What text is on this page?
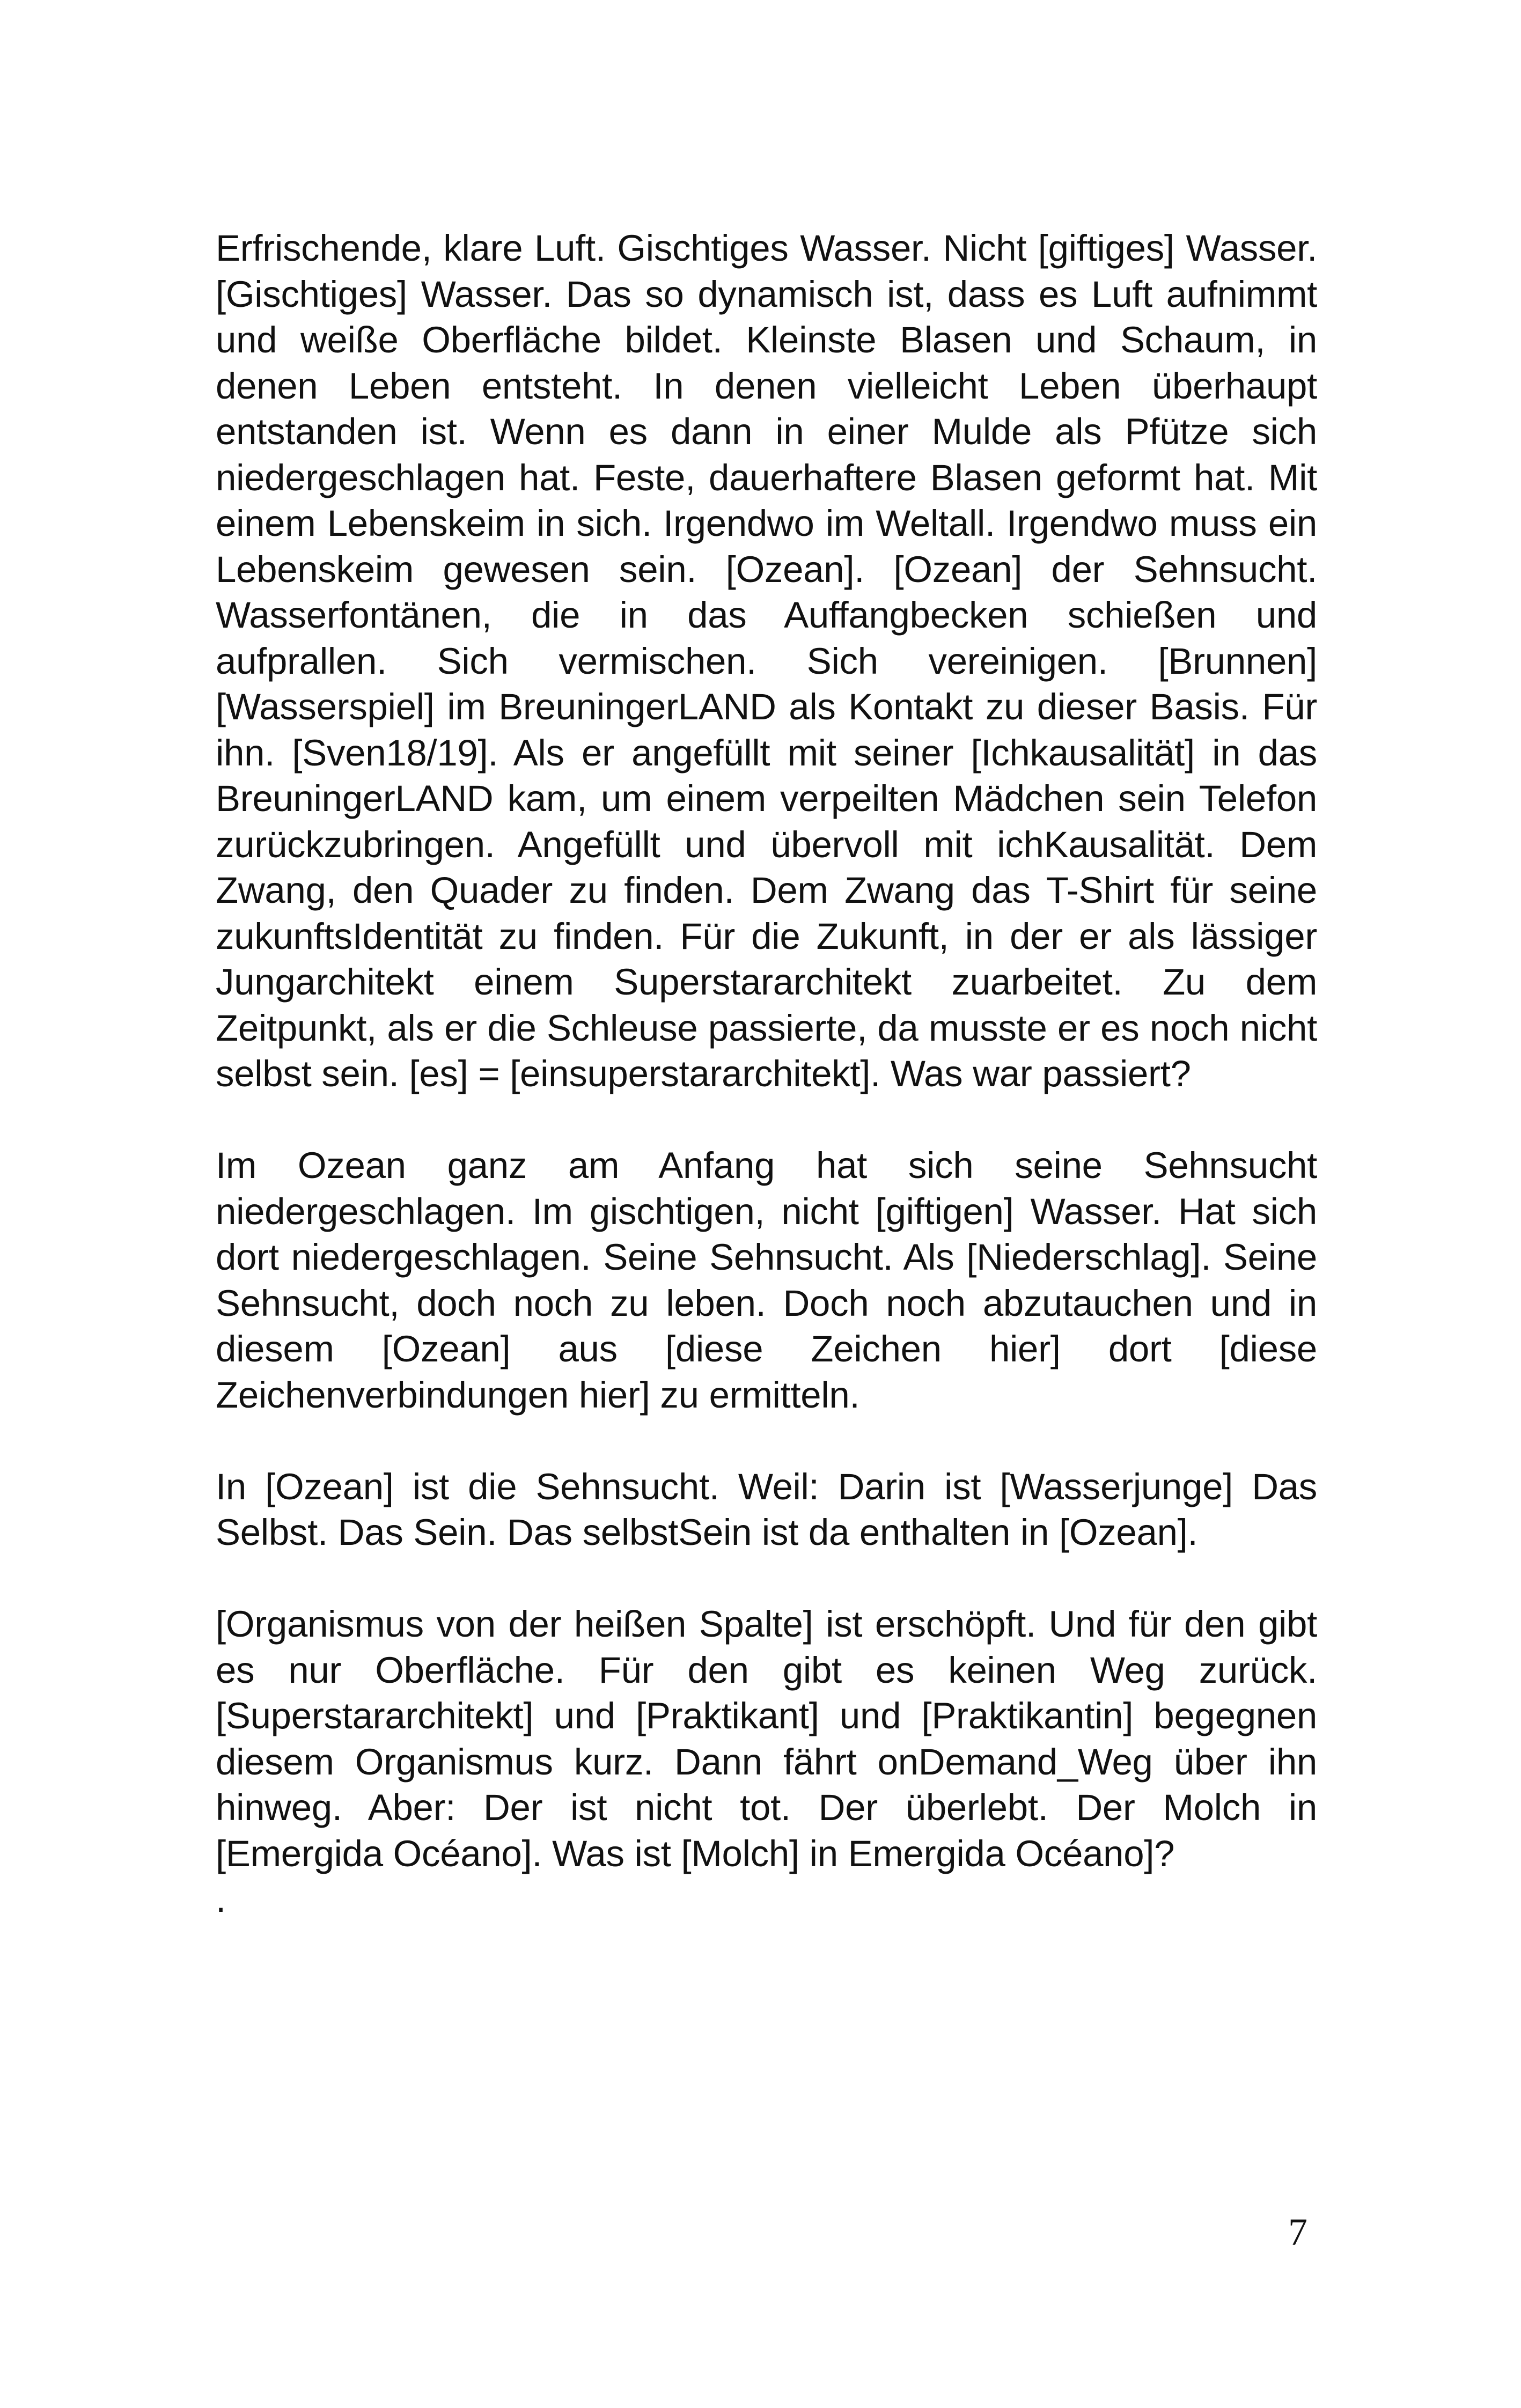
Erfrischende, klare Luft. Gischtiges Wasser. Nicht [giftiges] Wasser. [Gischtiges] Wasser. Das so dynamisch ist, dass es Luft aufnimmt und weiße Oberfläche bildet. Kleinste Blasen und Schaum, in denen Leben entsteht. In denen vielleicht Leben überhaupt entstanden ist. Wenn es dann in einer Mulde als Pfütze sich niedergeschlagen hat. Feste, dauerhaftere Blasen geformt hat. Mit einem Lebenskeim in sich. Irgendwo im Weltall. Irgendwo muss ein Lebenskeim gewesen sein. [Ozean]. [Ozean] der Sehnsucht. Wasserfontänen, die in das Auffangbecken schießen und aufprallen. Sich vermischen. Sich vereinigen. [Brunnen][Wasserspiel] im BreuningerLAND als Kontakt zu dieser Basis. Für ihn. [Sven18/19]. Als er angefüllt mit seiner [Ichkausalität] in das BreuningerLAND kam, um einem verpeilten Mädchen sein Telefon zurückzubringen. Angefüllt und übervoll mit ichKausalität. Dem Zwang, den Quader zu finden. Dem Zwang das T-Shirt für seine zukunftsIdentität zu finden. Für die Zukunft, in der er als lässiger Jungarchitekt einem Superstararchitekt zuarbeitet. Zu dem Zeitpunkt, als er die Schleuse passierte, da musste er es noch nicht selbst sein. [es] = [einsuperstararchitekt]. Was war passiert?

Im Ozean ganz am Anfang hat sich seine Sehnsucht niedergeschlagen. Im gischtigen, nicht [giftigen] Wasser. Hat sich dort niedergeschlagen. Seine Sehnsucht. Als [Niederschlag]. Seine Sehnsucht, doch noch zu leben. Doch noch abzutauchen und in diesem [Ozean] aus [diese Zeichen hier] dort [diese Zeichenverbindungen hier] zu ermitteln.

In [Ozean] ist die Sehnsucht. Weil: Darin ist [Wasserjunge] Das Selbst. Das Sein. Das selbstSein ist da enthalten in [Ozean].

[Organismus von der heißen Spalte] ist erschöpft. Und für den gibt es nur Oberfläche. Für den gibt es keinen Weg zurück. [Superstararchitekt] und [Praktikant] und [Praktikantin] begegnen diesem Organismus kurz. Dann fährt onDemand_Weg über ihn hinweg. Aber: Der ist nicht tot. Der überlebt. Der Molch in [Emergida Océano]. Was ist [Molch] in Emergida Océano]?

.

7
